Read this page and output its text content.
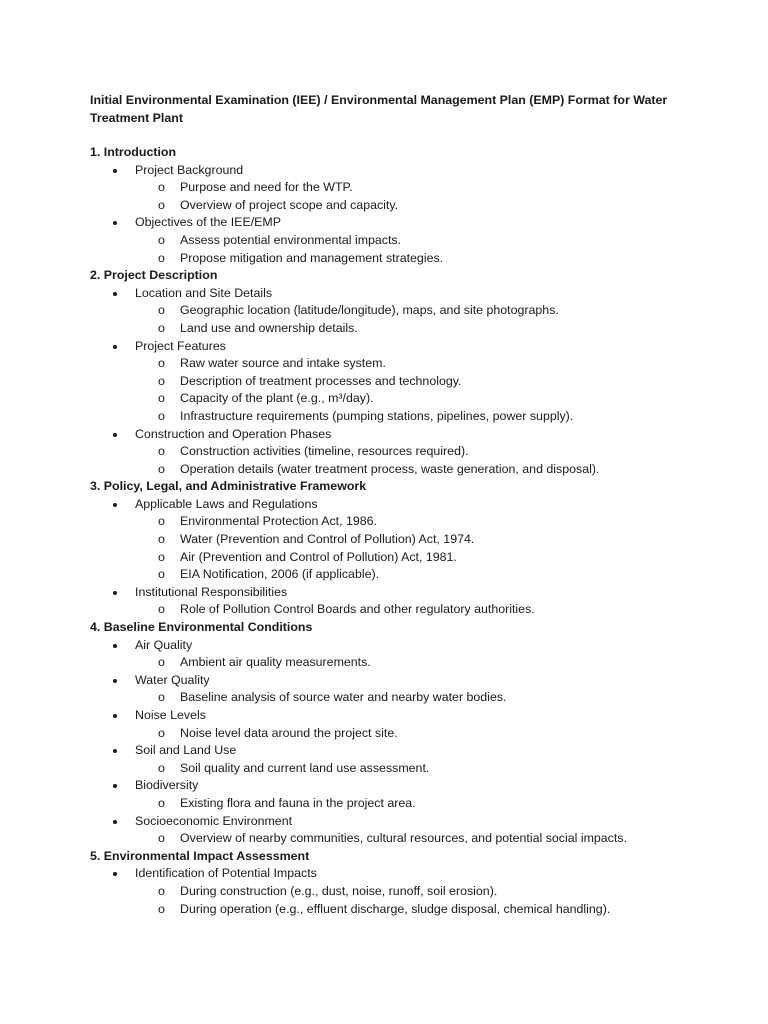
Initial Environmental Examination (IEE) / Environmental Management Plan (EMP) Format for Water
Treatment Plant
1. Introduction
Project Background
o Purpose and need for the WTP.
o Overview of project scope and capacity.
Objectives of the IEE/EMP
o Assess potential environmental impacts.
o Propose mitigation and management strategies.
2. Project Description
Location and Site Details
o Geographic location (latitude/longitude), maps, and site photographs.
o Land use and ownership details.
Project Features
o Raw water source and intake system.
o Description of treatment processes and technology.
o Capacity of the plant (e.g., m³/day).
o Infrastructure requirements (pumping stations, pipelines, power supply).
Construction and Operation Phases
o Construction activities (timeline, resources required).
o Operation details (water treatment process, waste generation, and disposal).
3. Policy, Legal, and Administrative Framework
Applicable Laws and Regulations
o Environmental Protection Act, 1986.
o Water (Prevention and Control of Pollution) Act, 1974.
o Air (Prevention and Control of Pollution) Act, 1981.
o EIA Notification, 2006 (if applicable).
Institutional Responsibilities
o Role of Pollution Control Boards and other regulatory authorities.
4. Baseline Environmental Conditions
Air Quality
o Ambient air quality measurements.
Water Quality
o Baseline analysis of source water and nearby water bodies.
Noise Levels
o Noise level data around the project site.
Soil and Land Use
o Soil quality and current land use assessment.
Biodiversity
o Existing flora and fauna in the project area.
Socioeconomic Environment
o Overview of nearby communities, cultural resources, and potential social impacts.
5. Environmental Impact Assessment
Identification of Potential Impacts
o During construction (e.g., dust, noise, runoff, soil erosion).
o During operation (e.g., effluent discharge, sludge disposal, chemical handling).
